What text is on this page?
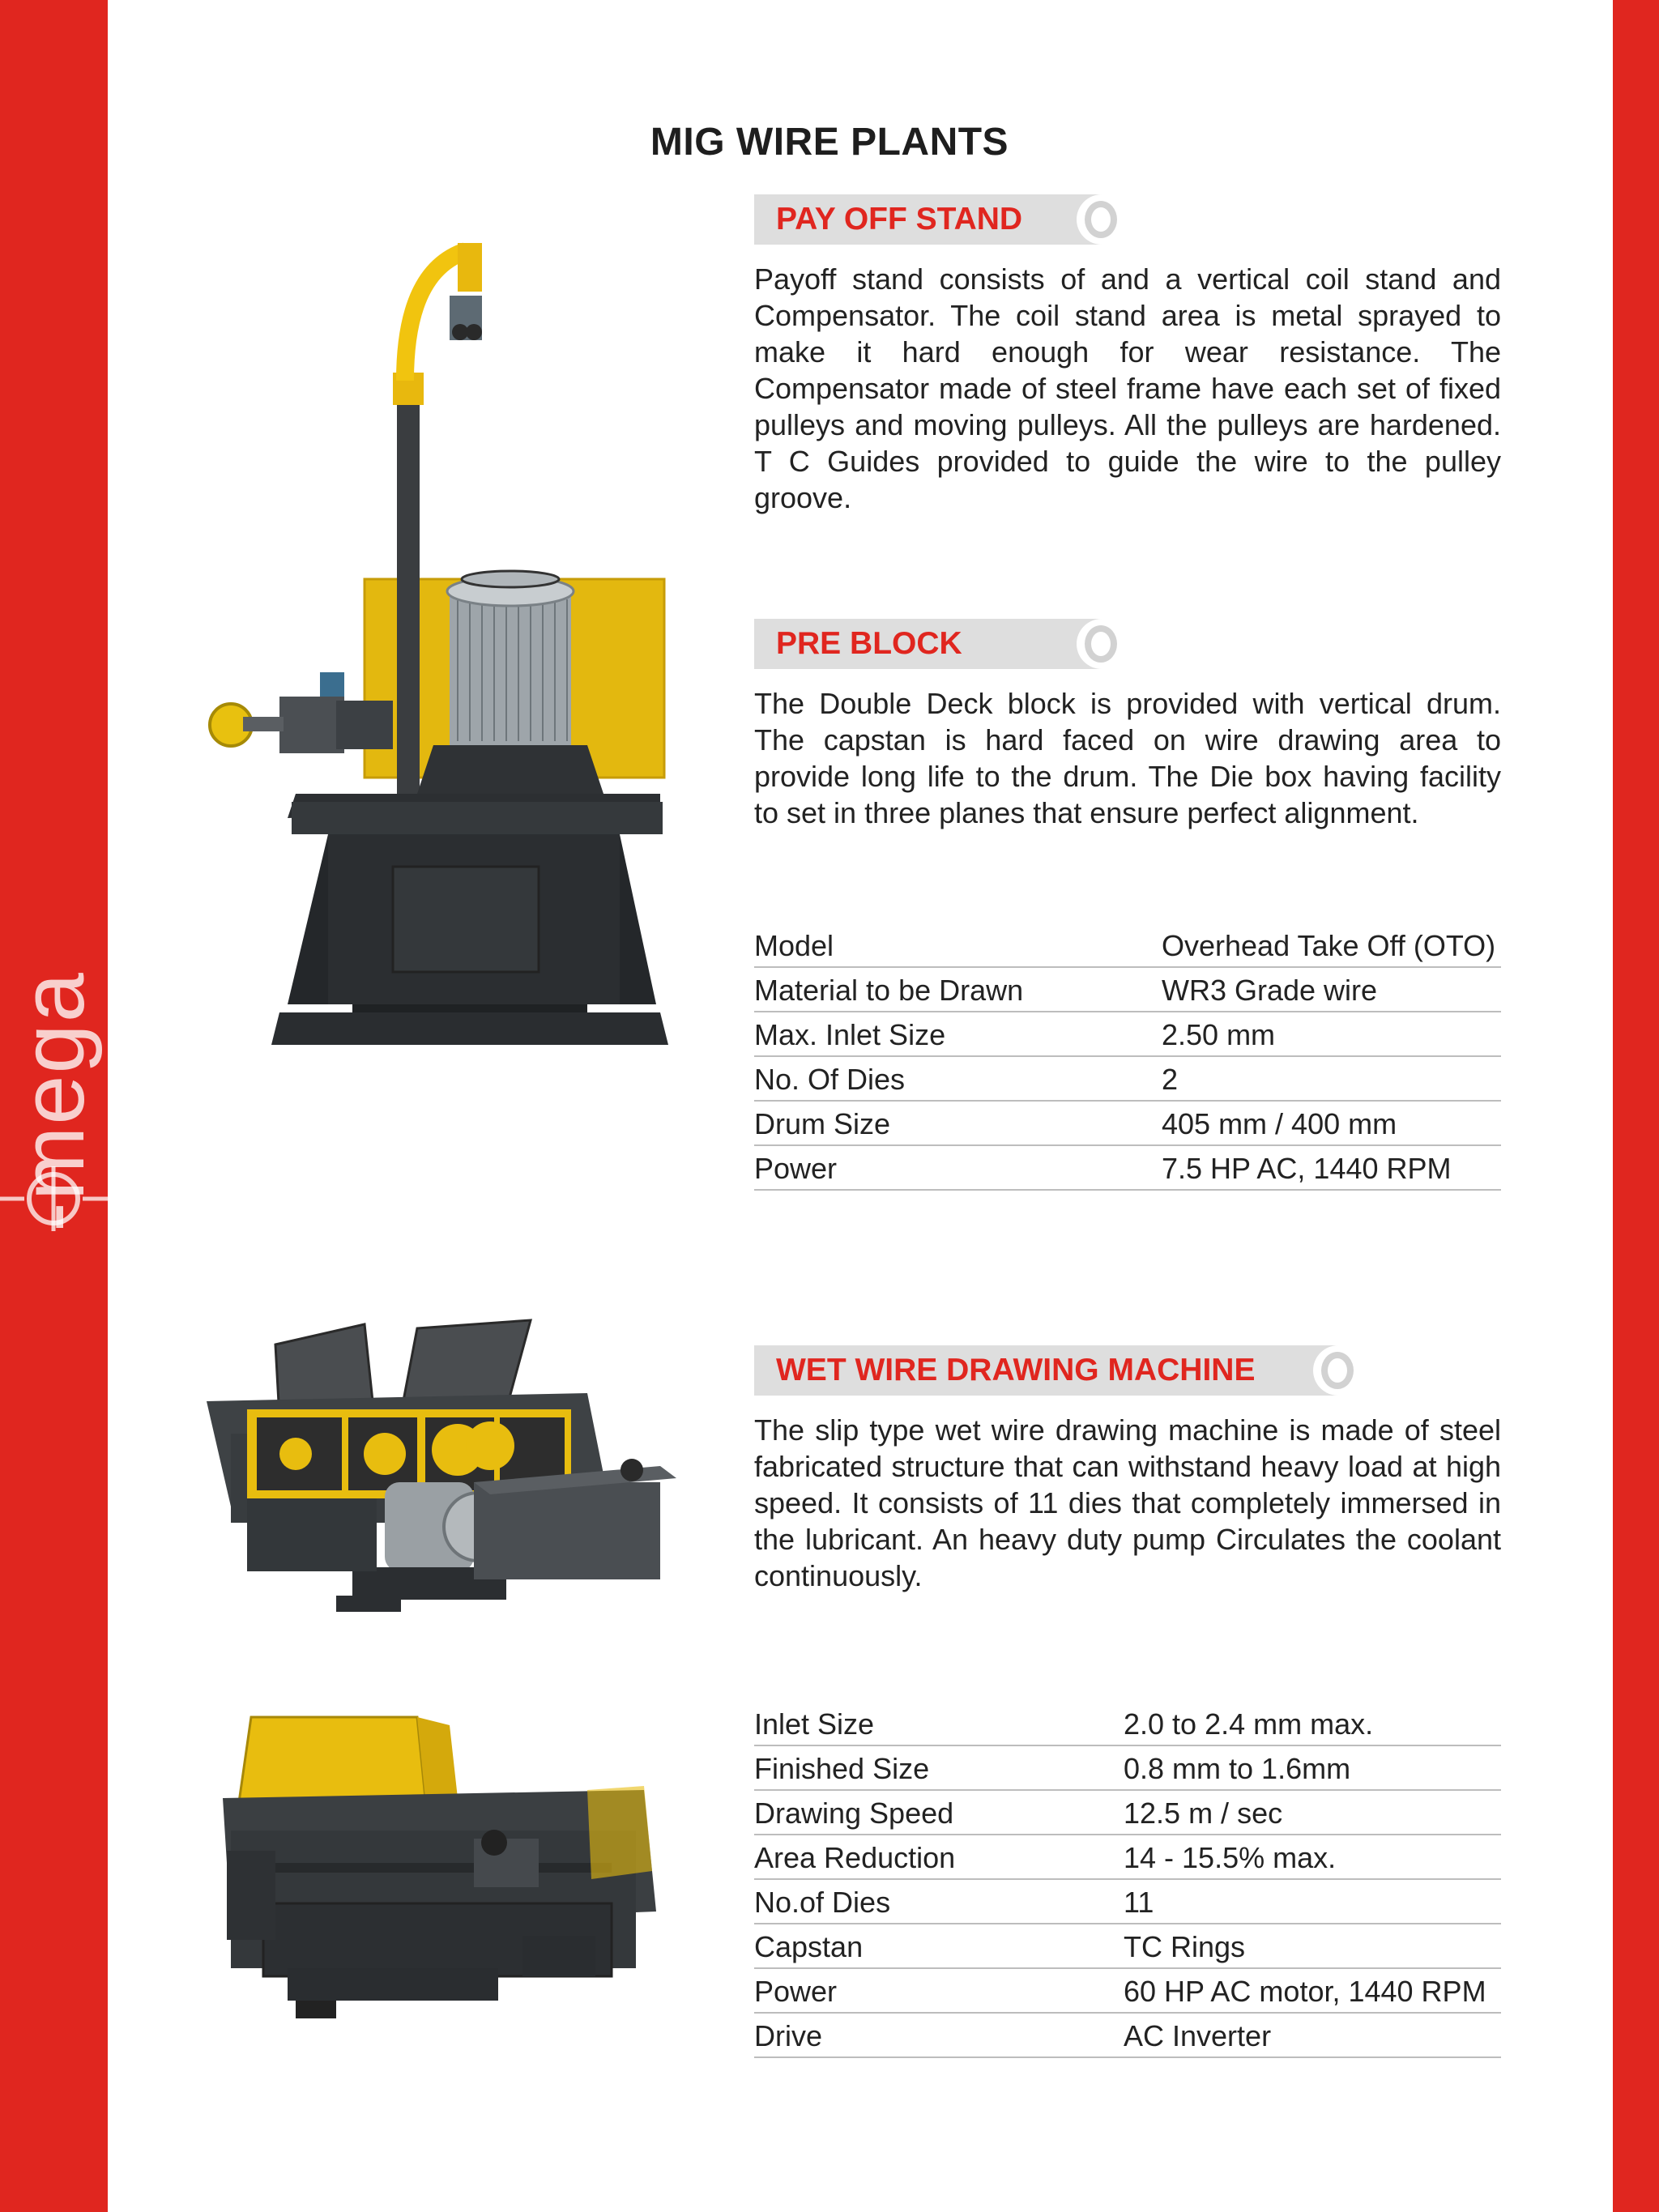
-mega
MIG WIRE PLANTS
PAY OFF STAND
Payoff stand consists of and a vertical coil stand and Compensator. The coil stand area is metal sprayed to make it hard enough for wear resistance. The Compensator made of steel frame have each set of fixed pulleys and moving pulleys. All the pulleys are hardened. T C Guides provided to guide the wire to the pulley groove.
PRE BLOCK
The Double Deck block is provided with vertical drum. The capstan is hard faced on wire drawing area to provide long life to the drum. The Die box having facility to set in three planes that ensure perfect alignment.
Model	Overhead Take Off (OTO)
Material to be Drawn	WR3 Grade wire
Max. Inlet Size	2.50 mm
No. Of Dies	2
Drum Size	405 mm / 400 mm
Power	7.5 HP AC, 1440 RPM
WET WIRE DRAWING MACHINE
The slip type wet wire drawing machine is made of steel fabricated structure that can withstand heavy load at high speed. It consists of 11 dies that completely immersed in the lubricant. An heavy duty pump Circulates the coolant continuously.
Inlet Size	2.0 to 2.4 mm max.
Finished Size	0.8 mm to 1.6mm
Drawing Speed	12.5 m / sec
Area Reduction	14 - 15.5% max.
No.of Dies	11
Capstan	TC Rings
Power	60 HP AC motor, 1440 RPM
Drive	AC Inverter
